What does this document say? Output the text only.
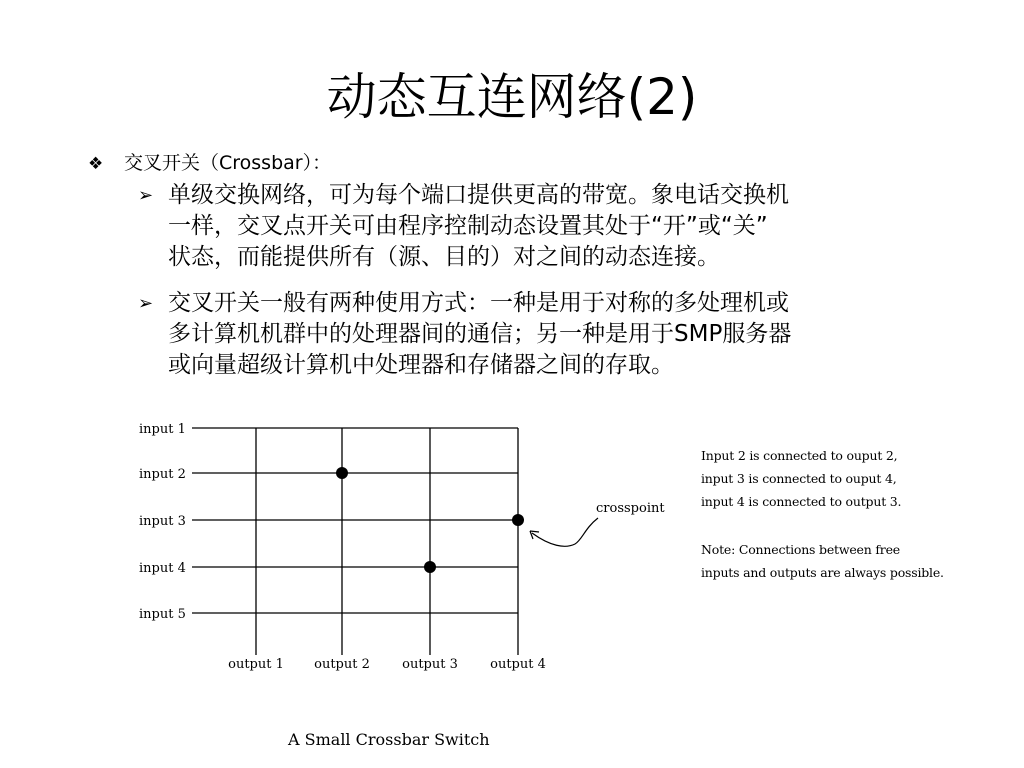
动态互连网络(2)
❖ 交叉开关（Crossbar）：
➢ 单级交换网络，可为每个端口提供更高的带宽。象电话交换机
一样，交叉点开关可由程序控制动态设置其处于“开”或“关”
状态，而能提供所有（源、目的）对之间的动态连接。
➢ 交叉开关一般有两种使用方式：一种是用于对称的多处理机或
多计算机机群中的处理器间的通信；另一种是用于SMP服务器
或向量超级计算机中处理器和存储器之间的存取。
input 1
input 2
input 3
input 4
input 5
output 1 output 2 output 3 output 4
crosspoint
Input 2 is connected to ouput 2,
input 3 is connected to ouput 4,
input 4 is connected to output 3.
Note: Connections between free
inputs and outputs are always possible.
A Small Crossbar Switch
